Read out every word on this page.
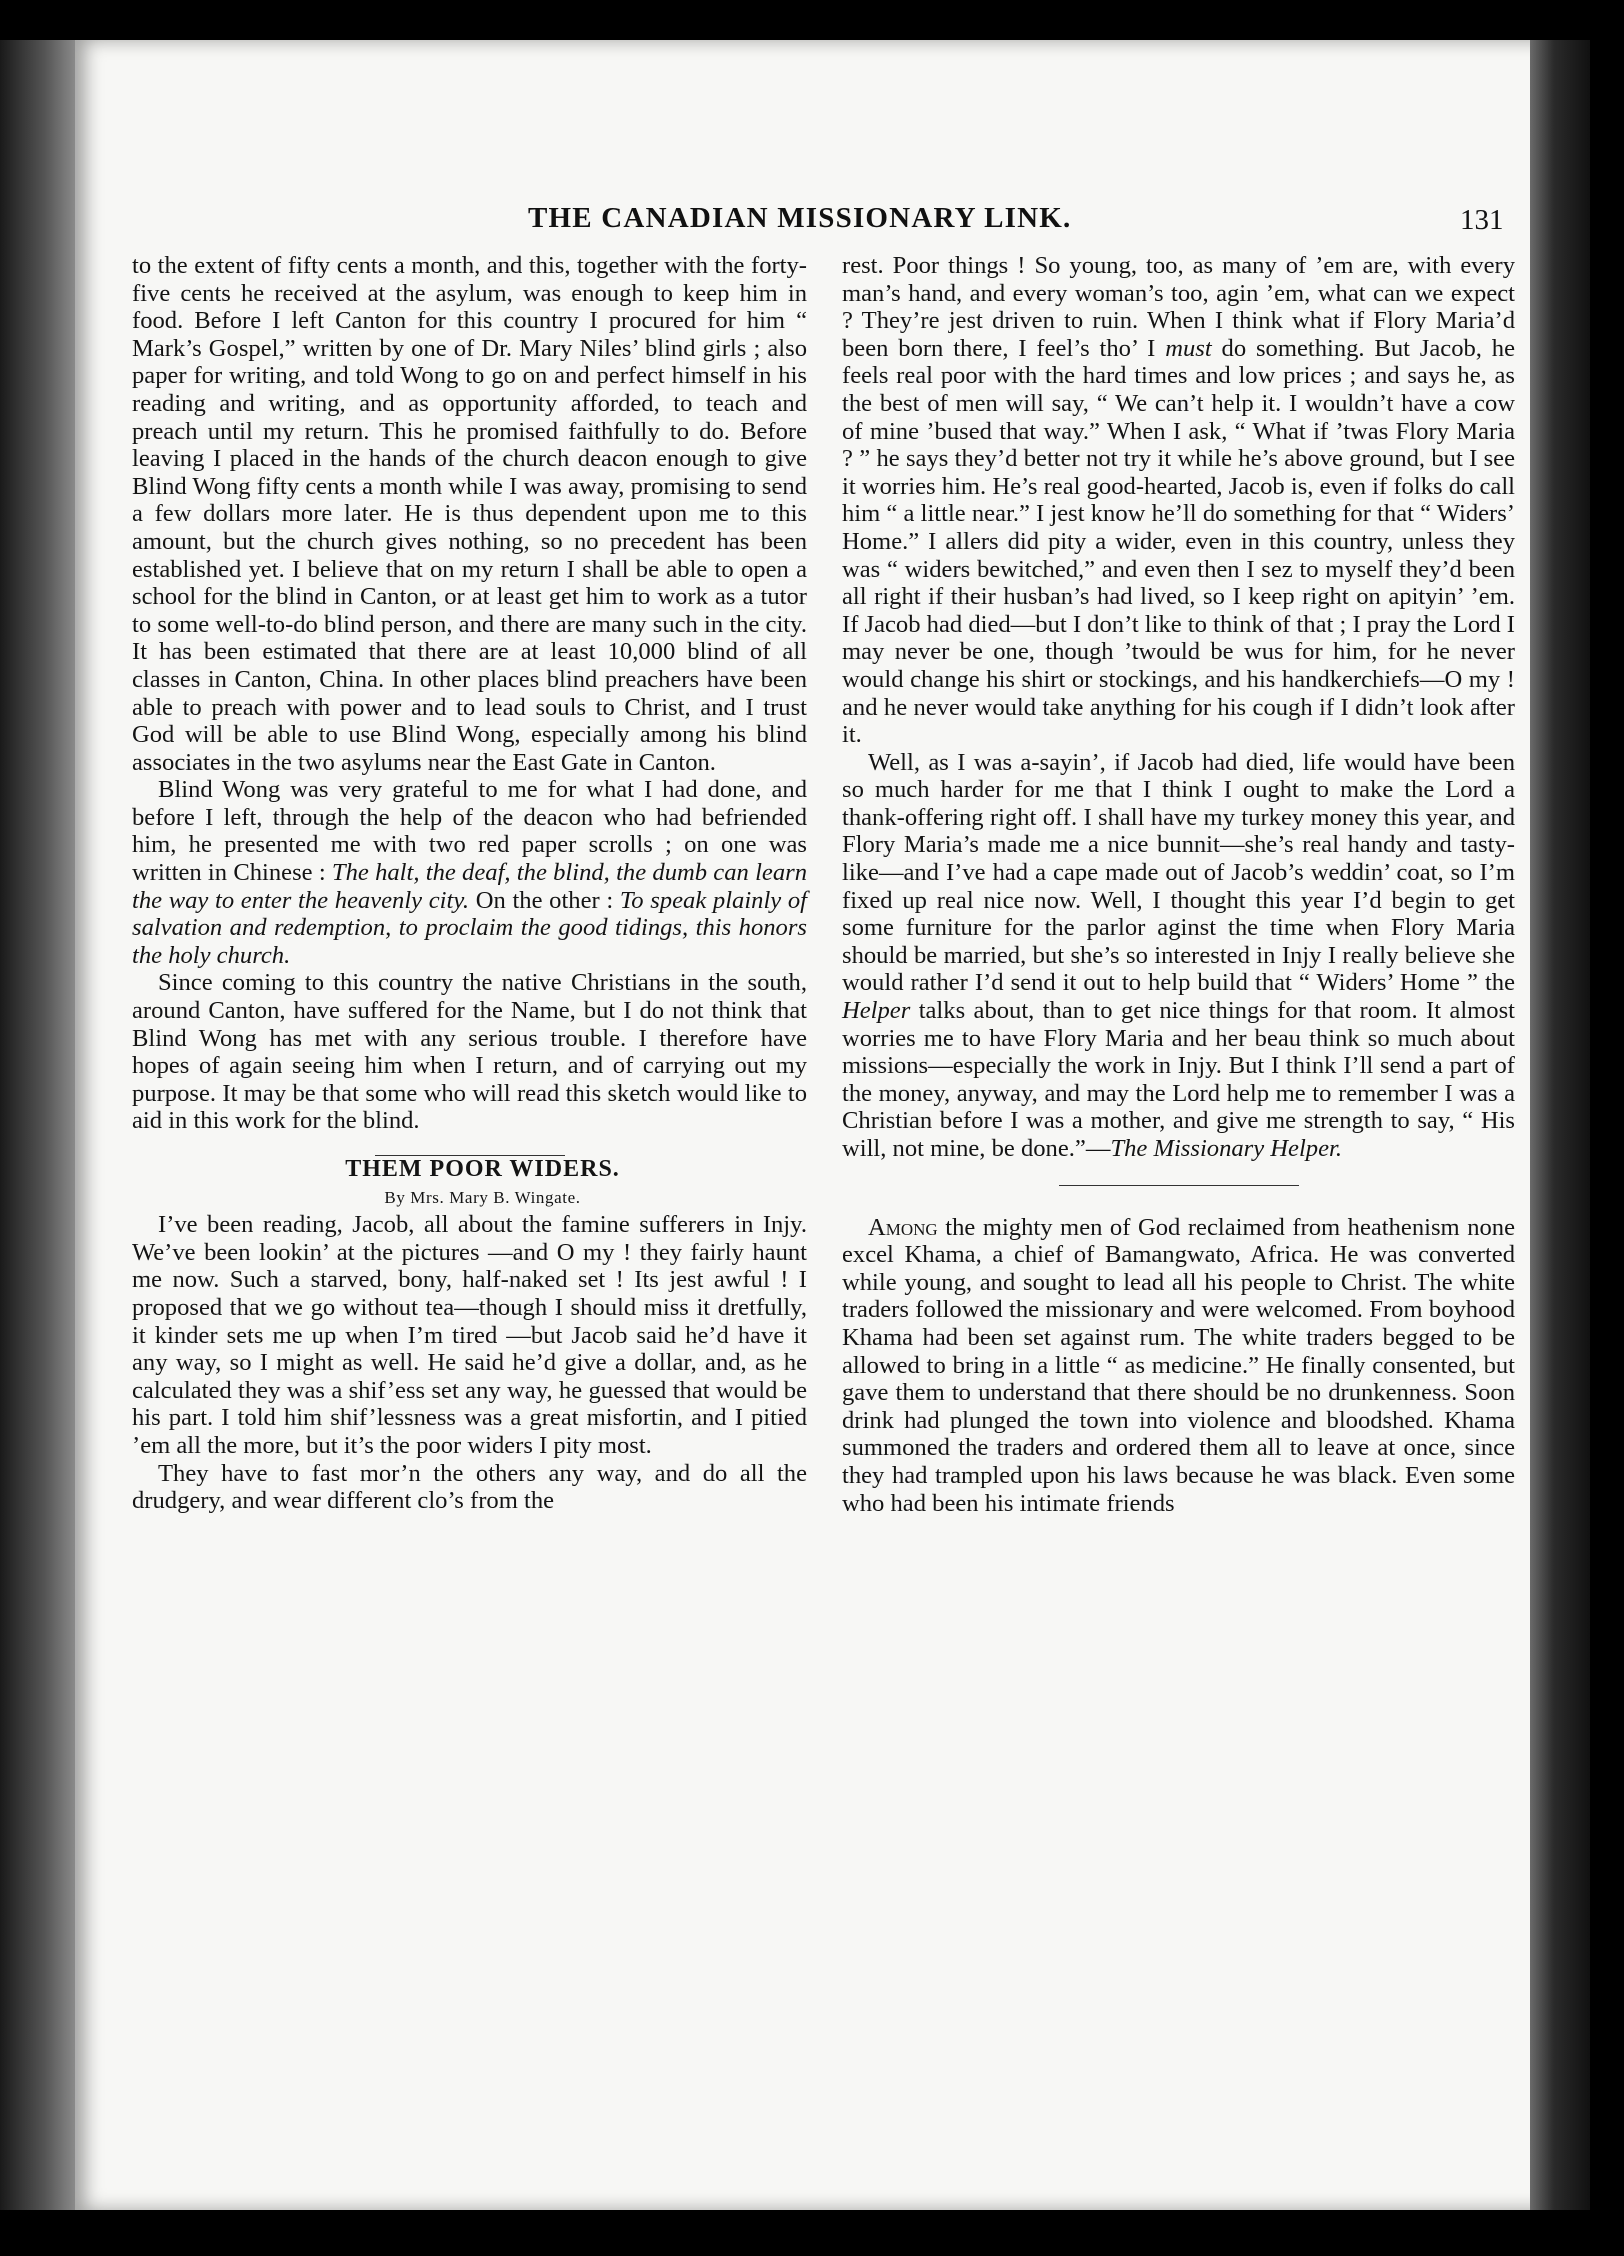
THE CANADIAN MISSIONARY LINK.	131

to the extent of fifty cents a month, and this, together with the forty-five cents he received at the asylum, was enough to keep him in food. Before I left Canton for this country I procured for him “ Mark’s Gospel,” written by one of Dr. Mary Niles’ blind girls ; also paper for writing, and told Wong to go on and perfect himself in his reading and writing, and as opportunity afforded, to teach and preach until my return. This he promised faithfully to do. Before leaving I placed in the hands of the church deacon enough to give Blind Wong fifty cents a month while I was away, promising to send a few dollars more later. He is thus dependent upon me to this amount, but the church gives nothing, so no precedent has been established yet. I believe that on my return I shall be able to open a school for the blind in Canton, or at least get him to work as a tutor to some well-to-do blind person, and there are many such in the city. It has been estimated that there are at least 10,000 blind of all classes in Canton, China. In other places blind preachers have been able to preach with power and to lead souls to Christ, and I trust God will be able to use Blind Wong, especially among his blind associates in the two asylums near the East Gate in Canton.

Blind Wong was very grateful to me for what I had done, and before I left, through the help of the deacon who had befriended him, he presented me with two red paper scrolls ; on one was written in Chinese : The halt, the deaf, the blind, the dumb can learn the way to enter the heavenly city. On the other : To speak plainly of salvation and redemption, to proclaim the good tidings, this honors the holy church.

Since coming to this country the native Christians in the south, around Canton, have suffered for the Name, but I do not think that Blind Wong has met with any serious trouble. I therefore have hopes of again seeing him when I return, and of carrying out my purpose. It may be that some who will read this sketch would like to aid in this work for the blind.

THEM POOR WIDERS.

By Mrs. Mary B. Wingate.

I’ve been reading, Jacob, all about the famine sufferers in Injy. We’ve been lookin’ at the pictures —and O my ! they fairly haunt me now. Such a starved, bony, half-naked set ! Its jest awful ! I proposed that we go without tea—though I should miss it dretfully, it kinder sets me up when I’m tired —but Jacob said he’d have it any way, so I might as well. He said he’d give a dollar, and, as he calculated they was a shif’ess set any way, he guessed that would be his part. I told him shif’lessness was a great misfortin, and I pitied ’em all the more, but it’s the poor widers I pity most.

They have to fast mor’n the others any way, and do all the drudgery, and wear different clo’s from the

rest. Poor things ! So young, too, as many of ’em are, with every man’s hand, and every woman’s too, agin ’em, what can we expect ? They’re jest driven to ruin. When I think what if Flory Maria’d been born there, I feel’s tho’ I must do something. But Jacob, he feels real poor with the hard times and low prices ; and says he, as the best of men will say, “ We can’t help it. I wouldn’t have a cow of mine ’bused that way.” When I ask, “ What if ’twas Flory Maria ? ” he says they’d better not try it while he’s above ground, but I see it worries him. He’s real good-hearted, Jacob is, even if folks do call him “ a little near.” I jest know he’ll do something for that “ Widers’ Home.” I allers did pity a wider, even in this country, unless they was “ widers bewitched,” and even then I sez to myself they’d been all right if their husban’s had lived, so I keep right on apityin’ ’em. If Jacob had died—but I don’t like to think of that ; I pray the Lord I may never be one, though ’twould be wus for him, for he never would change his shirt or stockings, and his handkerchiefs—O my ! and he never would take anything for his cough if I didn’t look after it.

Well, as I was a-sayin’, if Jacob had died, life would have been so much harder for me that I think I ought to make the Lord a thank-offering right off. I shall have my turkey money this year, and Flory Maria’s made me a nice bunnit—she’s real handy and tasty-like—and I’ve had a cape made out of Jacob’s weddin’ coat, so I’m fixed up real nice now. Well, I thought this year I’d begin to get some furniture for the parlor aginst the time when Flory Maria should be married, but she’s so interested in Injy I really believe she would rather I’d send it out to help build that “ Widers’ Home ” the Helper talks about, than to get nice things for that room. It almost worries me to have Flory Maria and her beau think so much about missions—especially the work in Injy. But I think I’ll send a part of the money, anyway, and may the Lord help me to remember I was a Christian before I was a mother, and give me strength to say, “ His will, not mine, be done.”—The Missionary Helper.

Among the mighty men of God reclaimed from heathenism none excel Khama, a chief of Bamangwato, Africa. He was converted while young, and sought to lead all his people to Christ. The white traders followed the missionary and were welcomed. From boyhood Khama had been set against rum. The white traders begged to be allowed to bring in a little “ as medicine.” He finally consented, but gave them to understand that there should be no drunkenness. Soon drink had plunged the town into violence and bloodshed. Khama summoned the traders and ordered them all to leave at once, since they had trampled upon his laws because he was black. Even some who had been his intimate friends
